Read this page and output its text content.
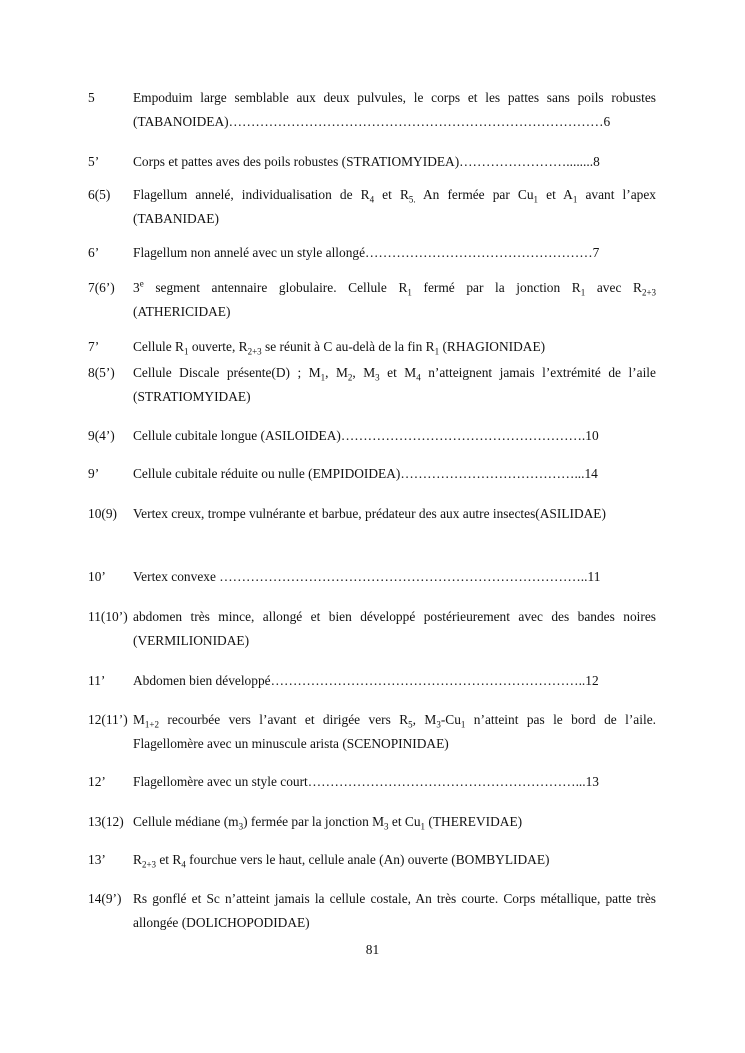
5	Empoduim large semblable aux deux pulvules, le corps et les pattes sans poils robustes (TABANOIDEA)…………………………………………………………………………6
5’	Corps et pattes aves des poils robustes (STRATIOMYIDEA)……………………........8
6(5) Flagellum annelé, individualisation de $R_4$ et $R_{5.}$ An fermée par $Cu_1$ et $A_1$ avant l’apex (TABANIDAE)
6’	Flagellum non annelé avec un style allongé……………………………………………7
7(6’) 3e segment antennaire globulaire. Cellule $R_1$ fermé par la jonction $R_1$ avec $R_{2+3}$ (ATHERICIDAE)
7’	Cellule $R_1$ ouverte, $R_{2+3}$ se réunit à C au-delà de la fin $R_1$ (RHAGIONIDAE)
8(5’) Cellule Discale présente(D) ; $M_1$, $M_2$, $M_3$ et $M_4$ n’atteignent jamais l’extrémité de l’aile (STRATIOMYIDAE)
9(4’) Cellule cubitale longue (ASILOIDEA)……………………………………………….10
9’	Cellule cubitale réduite ou nulle (EMPIDOIDEA)…………………………………...14
10(9) Vertex creux, trompe vulnérante et barbue, prédateur des aux autre insectes(ASILIDAE)
10’ Vertex convexe ………………………………………………………………………..11
11(10’) abdomen très mince, allongé et bien développé postérieurement avec des bandes noires (VERMILIONIDAE)
11’ Abdomen bien développé……………………………………………………………..12
12(11’) $M_{1+2}$ recourbée vers l’avant et dirigée vers $R_5$, $M_3-Cu_1$ n’atteint pas le bord de l’aile. Flagellomère avec un minuscule arista (SCENOPINIDAE)
12’ Flagellomère avec un style court……………………………………………………...13
13(12) Cellule médiane $(m_3)$ fermée par la jonction $M_3$ et $Cu_1$ (THEREVIDAE)
13’ $R_{2+3}$ et $R_4$ fourchue vers le haut, cellule anale (An) ouverte (BOMBYLIDAE)
14(9’) Rs gonflé et Sc n’atteint jamais la cellule costale, An très courte. Corps métallique, patte très allongée (DOLICHOPODIDAE)
81
